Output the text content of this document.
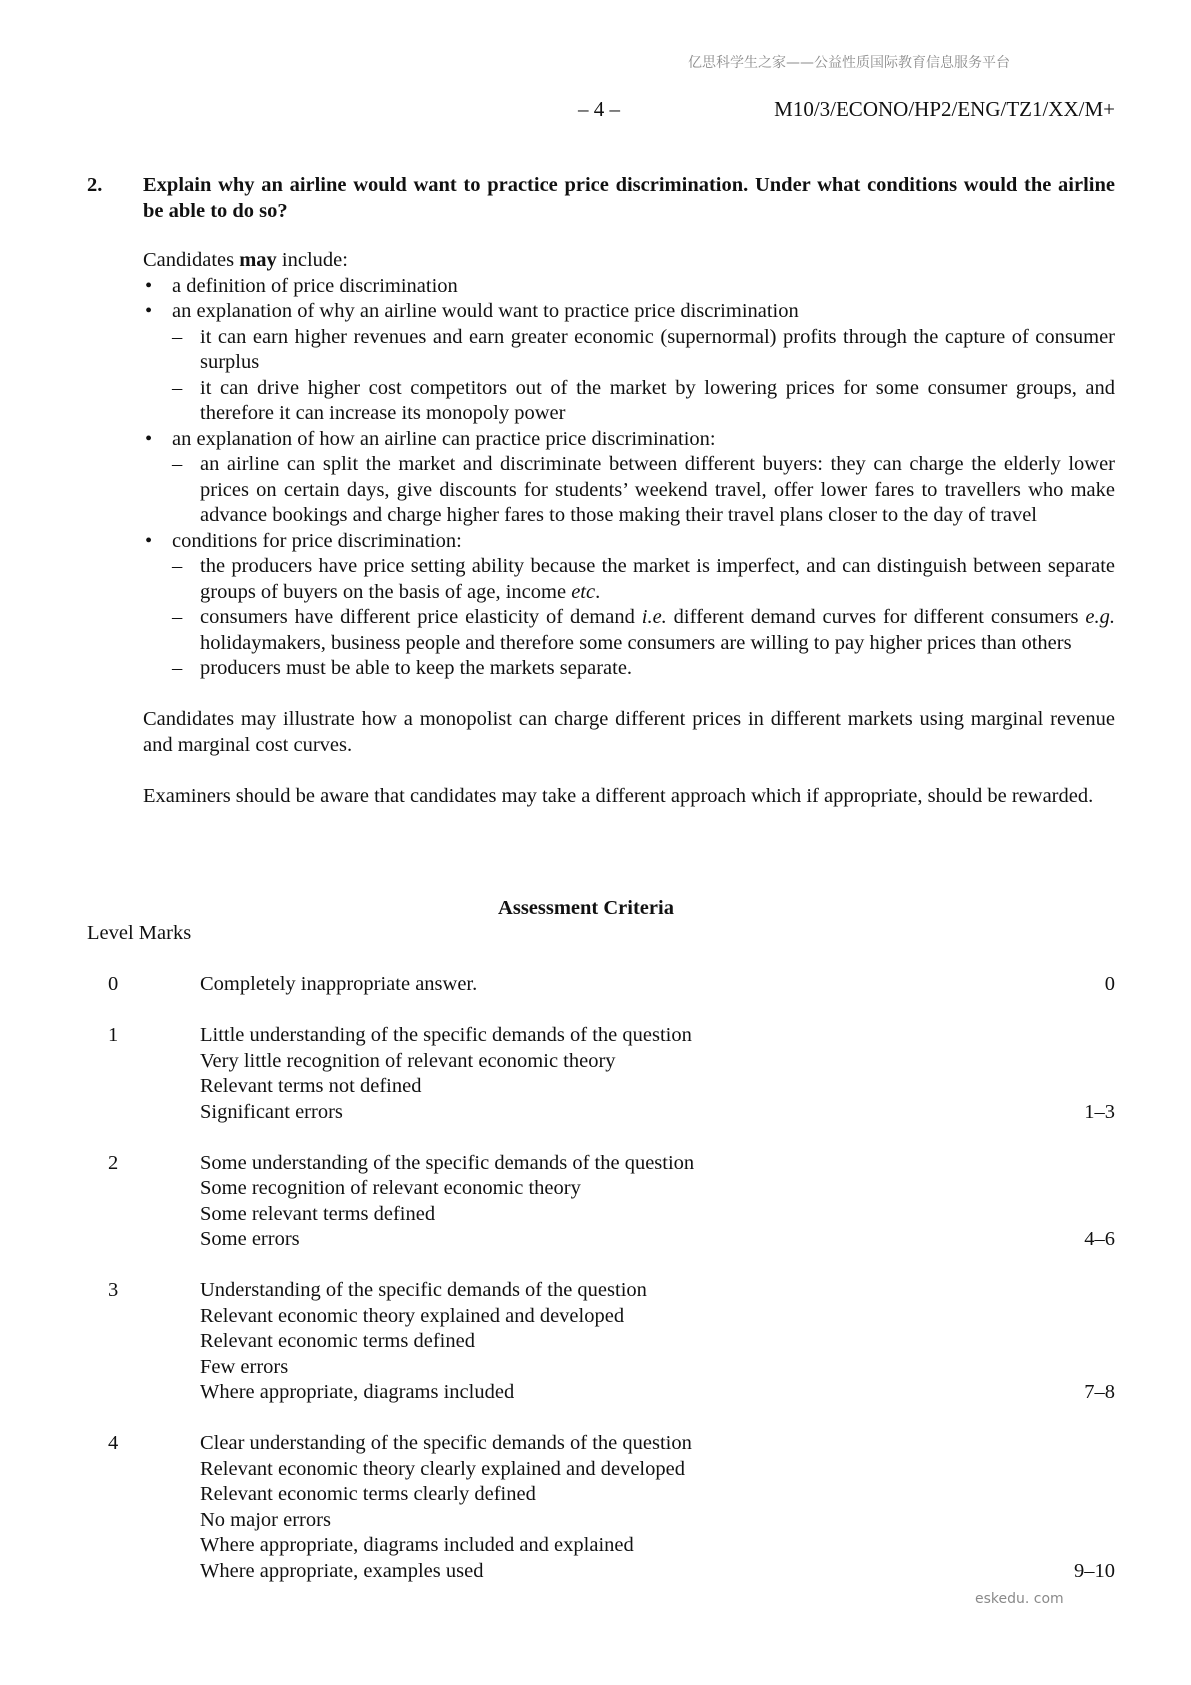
亿思科学生之家——公益性质国际教育信息服务平台
– 4 –	M10/3/ECONO/HP2/ENG/TZ1/XX/M+
2. Explain why an airline would want to practice price discrimination. Under what conditions would the airline be able to do so?

Candidates may include:

• a definition of price discrimination
• an explanation of why an airline would want to practice price discrimination
– it can earn higher revenues and earn greater economic (supernormal) profits through the capture of consumer surplus
– it can drive higher cost competitors out of the market by lowering prices for some consumer groups, and therefore it can increase its monopoly power
• an explanation of how an airline can practice price discrimination:
– an airline can split the market and discriminate between different buyers: they can charge the elderly lower prices on certain days, give discounts for students’ weekend travel, offer lower fares to travellers who make advance bookings and charge higher fares to those making their travel plans closer to the day of travel
• conditions for price discrimination:
– the producers have price setting ability because the market is imperfect, and can distinguish between separate groups of buyers on the basis of age, income etc.
– consumers have different price elasticity of demand i.e. different demand curves for different consumers e.g. holidaymakers, business people and therefore some consumers are willing to pay higher prices than others
– producers must be able to keep the markets separate.

Candidates may illustrate how a monopolist can charge different prices in different markets using marginal revenue and marginal cost curves.

Examiners should be aware that candidates may take a different approach which if appropriate, should be rewarded.

Assessment Criteria
Level Marks
0	Completely inappropriate answer.	0
1	Little understanding of the specific demands of the question
Very little recognition of relevant economic theory
Relevant terms not defined
Significant errors	1–3
2	Some understanding of the specific demands of the question
Some recognition of relevant economic theory
Some relevant terms defined
Some errors	4–6
3	Understanding of the specific demands of the question
Relevant economic theory explained and developed
Relevant economic terms defined
Few errors
Where appropriate, diagrams included	7–8
4	Clear understanding of the specific demands of the question
Relevant economic theory clearly explained and developed
Relevant economic terms clearly defined
No major errors
Where appropriate, diagrams included and explained
Where appropriate, examples used	9–10
eskedu. com
